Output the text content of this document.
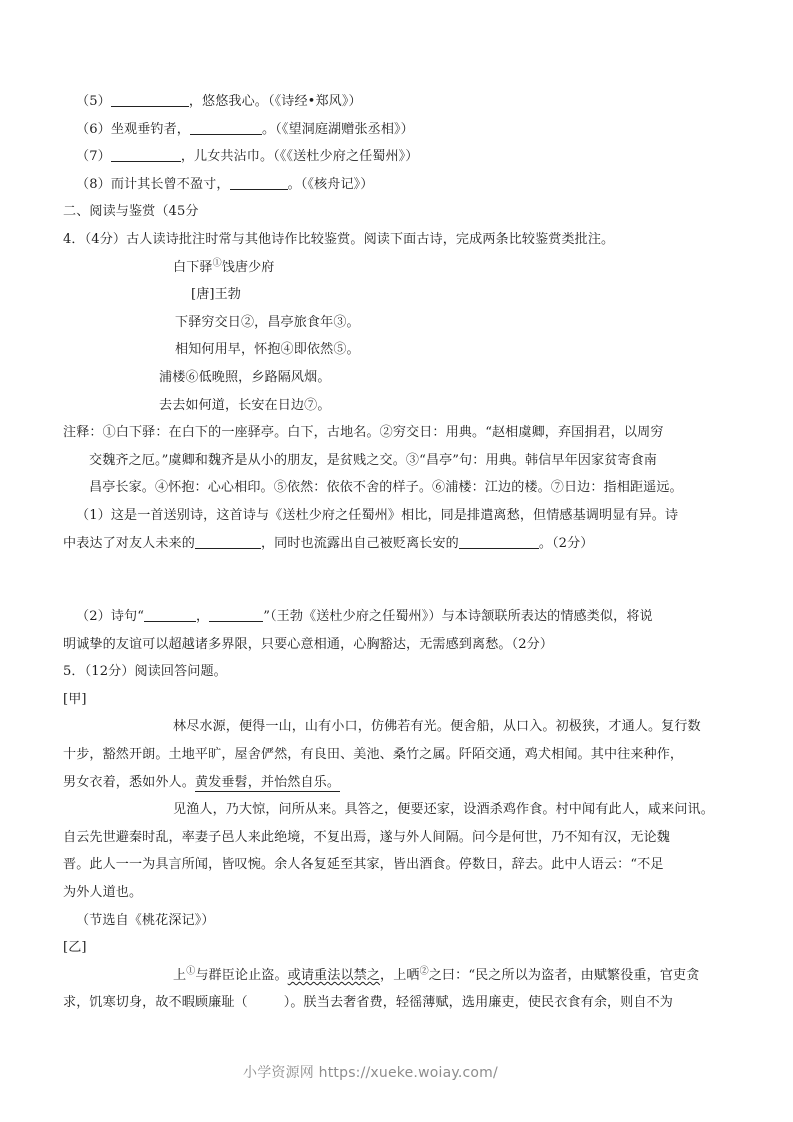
（5）	，悠悠我心。（《诗经•郑风》）
（6）坐观垂钓者，	。（《望洞庭湖赠张丞相》）
（7）	，儿女共沾巾。（《《送杜少府之任蜀州》）
（8）而计其长曾不盈寸，	。（《核舟记》）
二、阅读与鉴赏（45分
4．（4分）古人读诗批注时常与其他诗作比较鉴赏。阅读下面古诗，完成两条比较鉴赏类批注。
白下驿①饯唐少府
[唐]王勃
下驿穷交日②，昌亭旅食年③。
相知何用早，怀抱④即依然⑤。
浦楼⑥低晚照，乡路隔风烟。
去去如何道，长安在日边⑦。
注释：①白下驿：在白下的一座驿亭。白下，古地名。②穷交日：用典。“赵相虞卿，弃国捐君，以周穷
交魏齐之厄。”虞卿和魏齐是从小的朋友，是贫贱之交。③“昌亭”句：用典。韩信早年因家贫寄食南
昌亭长家。④怀抱：心心相印。⑤依然：依依不舍的样子。⑥浦楼：江边的楼。⑦日边：指相距遥远。
（1）这是一首送别诗，这首诗与《送杜少府之任蜀州》相比，同是排遣离愁，但情感基调明显有异。诗
中表达了对友人未来的	，同时也流露出自己被贬离长安的	。（2分）
（2）诗句“	，	”（王勃《送杜少府之任蜀州》）与本诗颔联所表达的情感类似，将说
明诚挚的友谊可以超越诸多界限，只要心意相通，心胸豁达，无需感到离愁。（2分）
5．（12分）阅读回答问题。
[甲]
林尽水源，便得一山，山有小口，仿佛若有光。便舍船，从口入。初极狭，才通人。复行数
十步，豁然开朗。土地平旷，屋舍俨然，有良田、美池、桑竹之属。阡陌交通，鸡犬相闻。其中往来种作，
男女衣着，悉如外人。黄发垂髫，并怡然自乐。
见渔人，乃大惊，问所从来。具答之，便要还家，设酒杀鸡作食。村中闻有此人，咸来问讯。
自云先世避秦时乱，率妻子邑人来此绝境，不复出焉，遂与外人间隔。问今是何世，乃不知有汉，无论魏
晋。此人一一为具言所闻，皆叹惋。余人各复延至其家，皆出酒食。停数日，辞去。此中人语云：“不足
为外人道也。
（节选自《桃花深记》）
[乙]
上①与群臣论止盗。或请重法以禁之，上哂②之曰：“民之所以为盗者，由赋繁役重，官吏贪
求，饥寒切身，故不暇顾廉耻（	）。朕当去奢省费，轻徭薄赋，选用廉吏，使民衣食有余，则自不为
小学资源网 https://xueke.woiay.com/
